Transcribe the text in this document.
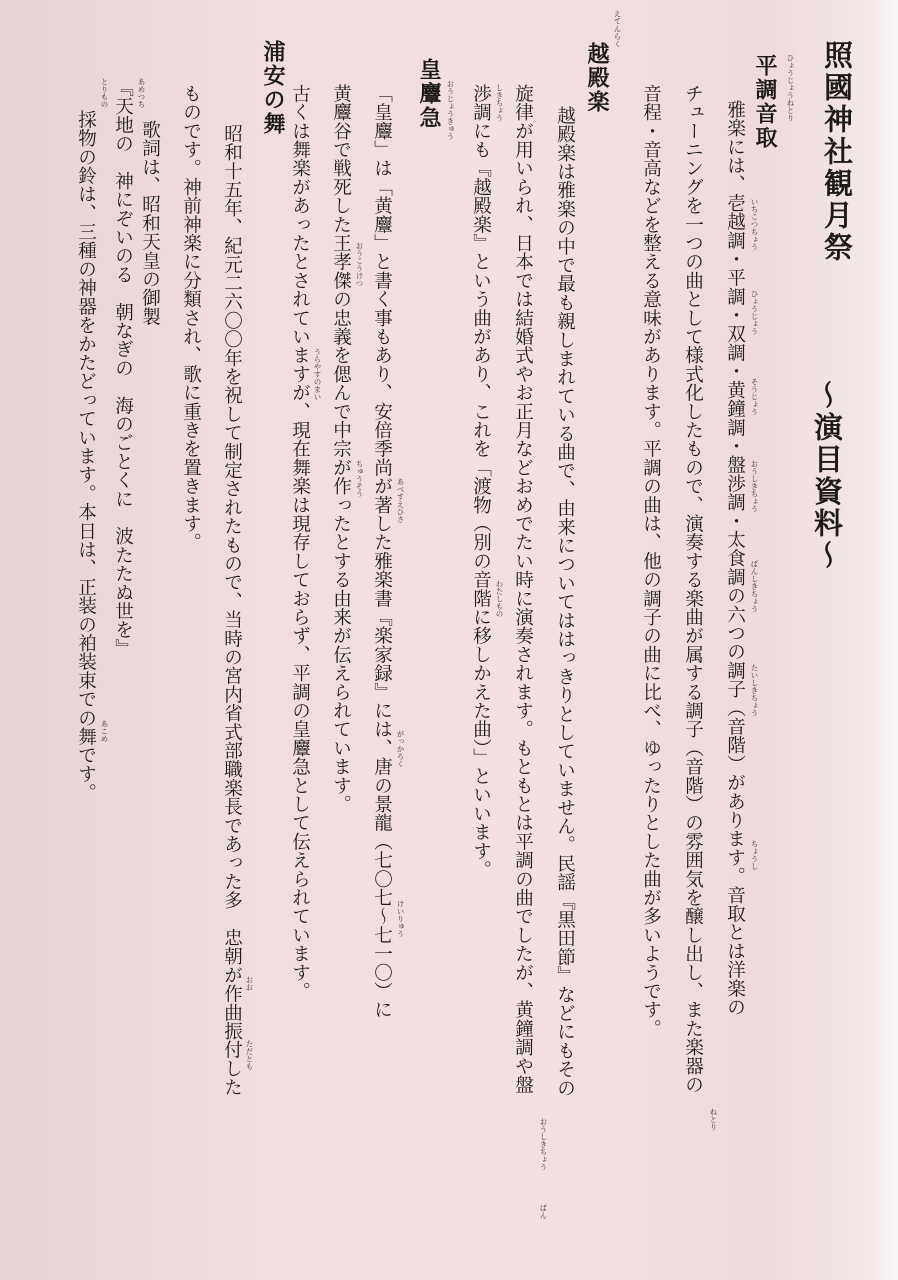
照國神社観月祭
～演目資料～
平調音取 ひょうじょうねとり
雅楽には、壱越調・平調・双調・黄鐘調・盤渉調・太食調の六つの調子（音階）があります。音取とは洋楽の
チューニングを一つの曲として様式化したもので、演奏する楽曲が属する調子（音階）の雰囲気を醸し出し、また楽器の
音程・音高などを整える意味があります。平調の曲は、他の調子の曲に比べ、ゆったりとした曲が多いようです。	いちこつちょう
ひょうじょう
そうじょう
おうしきちょう
ばんしきちょう
たいしきちょう
ちょうし
ねとり
越殿楽
えてんらく
越殿楽は雅楽の中で最も親しまれている曲で、由来についてははっきりとしていません。民謡『黒田節』などにもその
旋律が用いられ、日本では結婚式やお正月などおめでたい時に演奏されます。もともとは平調の曲でしたが、黄鐘調や盤
渉調にも『越殿楽』という曲があり、これを「渡物（別の音階に移しかえた曲）」といいます。 しきちょう
わたしもの
おうしきちょう
ばん
皇麞急 おうじょうきゅう
「皇麞」は「黄麞」と書く事もあり、安倍季尚が著した雅楽書『楽家録』には、唐の景龍（七〇七～七一〇）に
黄麞谷で戦死した王孝傑の忠義を偲んで中宗が作ったとする由来が伝えられています。
古くは舞楽があったとされていますが、現在舞楽は現存しておらず、平調の皇麞急として伝えられています。	あべすえひさ
がっかろく
けいりゅう
おうこうけつ
ちゅうそう
浦安の舞
うらやすのまい
昭和十五年、紀元二六〇〇年を祝して制定されたもので、当時の宮内省式部職楽長であった多　忠朝が作曲振付した
ものです。神前神楽に分類され、歌に重きを置きます。
歌詞は、昭和天皇の御製
『天地の　神にぞいのる　朝なぎの　海のごとくに　波たたぬ世を』
採物の鈴は、三種の神器をかたどっています。本日は、正装の袙装束での舞です。
おお
ただとも
あめつち
とりもの
あこめ
